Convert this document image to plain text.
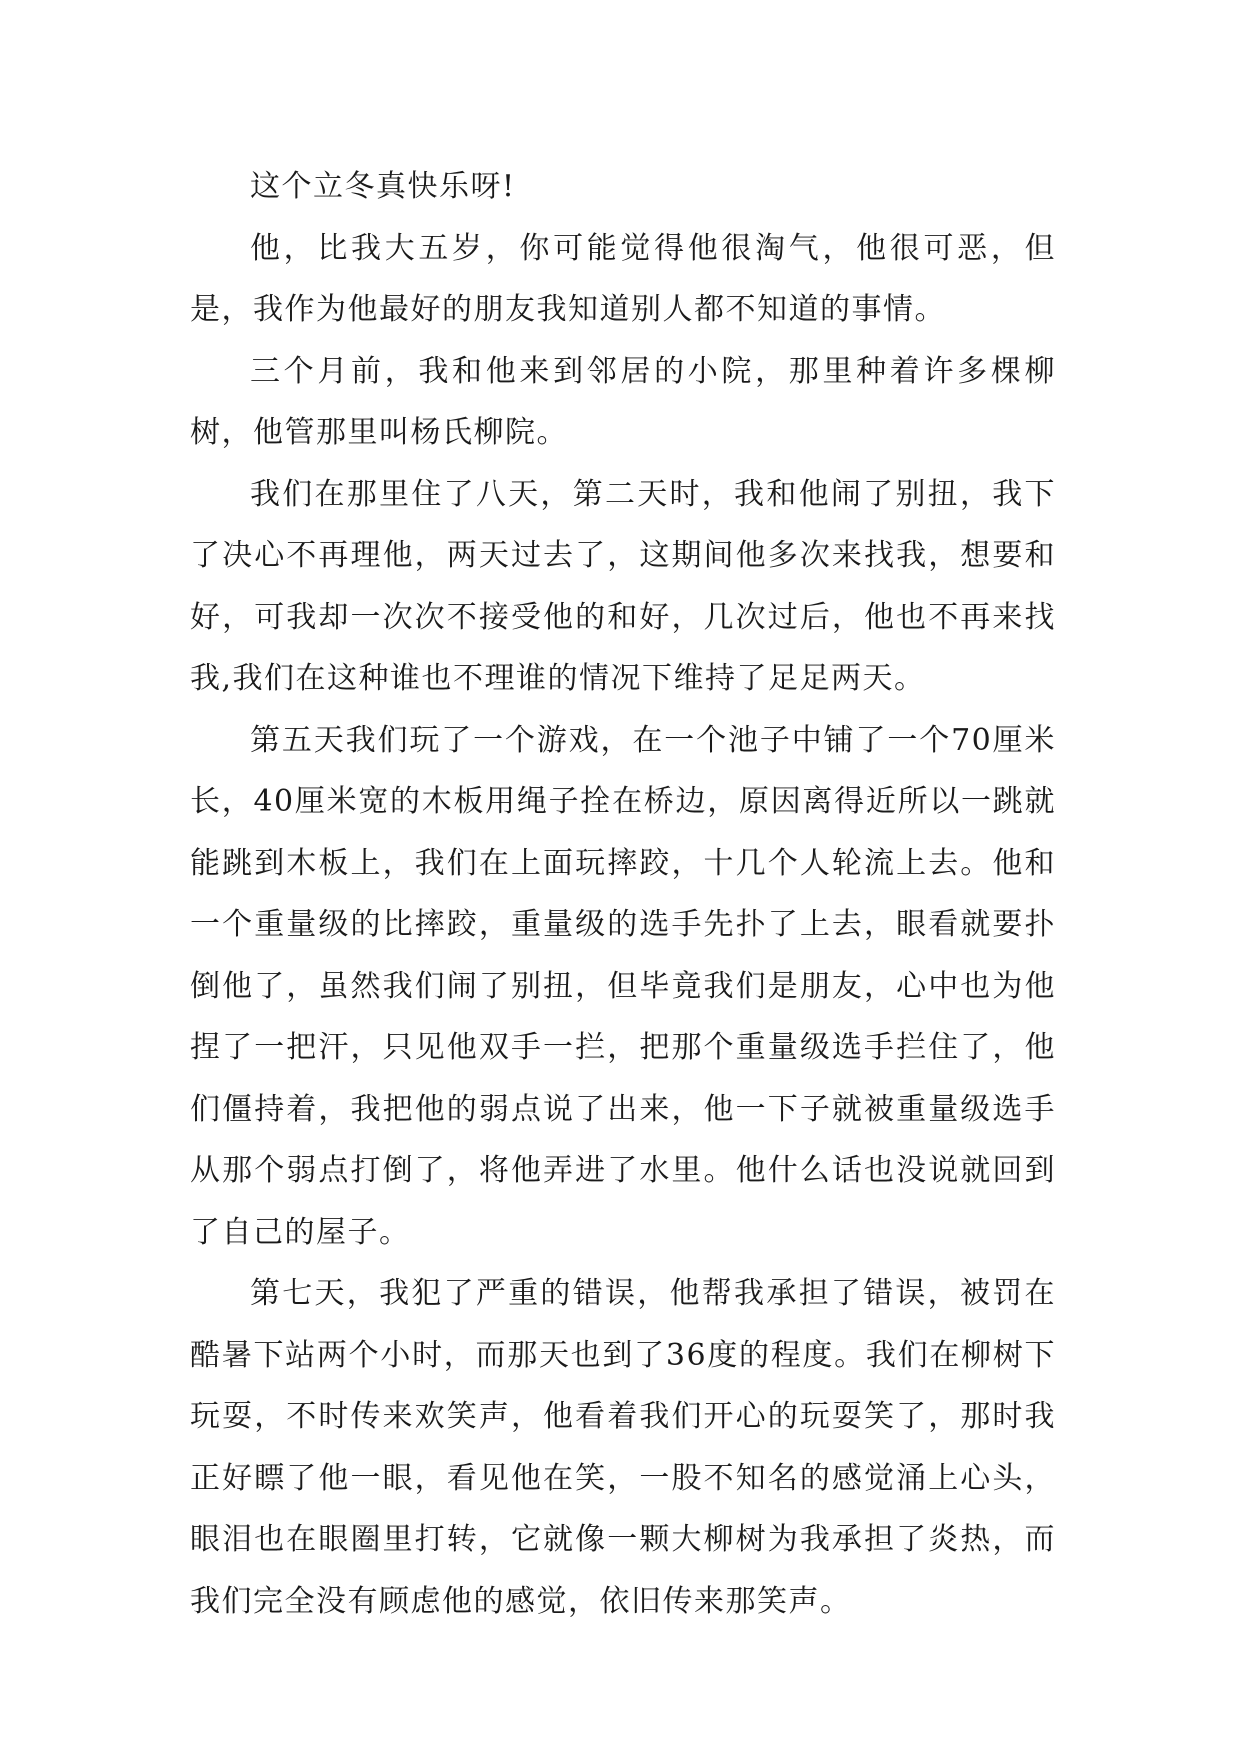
这个立冬真快乐呀!

他，比我大五岁，你可能觉得他很淘气，他很可恶，但是，我作为他最好的朋友我知道别人都不知道的事情。

三个月前，我和他来到邻居的小院，那里种着许多棵柳树，他管那里叫杨氏柳院。

我们在那里住了八天，第二天时，我和他闹了别扭，我下了决心不再理他，两天过去了，这期间他多次来找我，想要和好，可我却一次次不接受他的和好，几次过后，他也不再来找我,我们在这种谁也不理谁的情况下维持了足足两天。

第五天我们玩了一个游戏，在一个池子中铺了一个70厘米长，40厘米宽的木板用绳子拴在桥边，原因离得近所以一跳就能跳到木板上，我们在上面玩摔跤，十几个人轮流上去。他和一个重量级的比摔跤，重量级的选手先扑了上去，眼看就要扑倒他了，虽然我们闹了别扭，但毕竟我们是朋友，心中也为他捏了一把汗，只见他双手一拦，把那个重量级选手拦住了，他们僵持着，我把他的弱点说了出来，他一下子就被重量级选手从那个弱点打倒了，将他弄进了水里。他什么话也没说就回到了自己的屋子。

第七天，我犯了严重的错误，他帮我承担了错误，被罚在酷暑下站两个小时，而那天也到了36度的程度。我们在柳树下玩耍，不时传来欢笑声，他看着我们开心的玩耍笑了，那时我正好瞟了他一眼，看见他在笑，一股不知名的感觉涌上心头，眼泪也在眼圈里打转，它就像一颗大柳树为我承担了炎热，而我们完全没有顾虑他的感觉，依旧传来那笑声。
